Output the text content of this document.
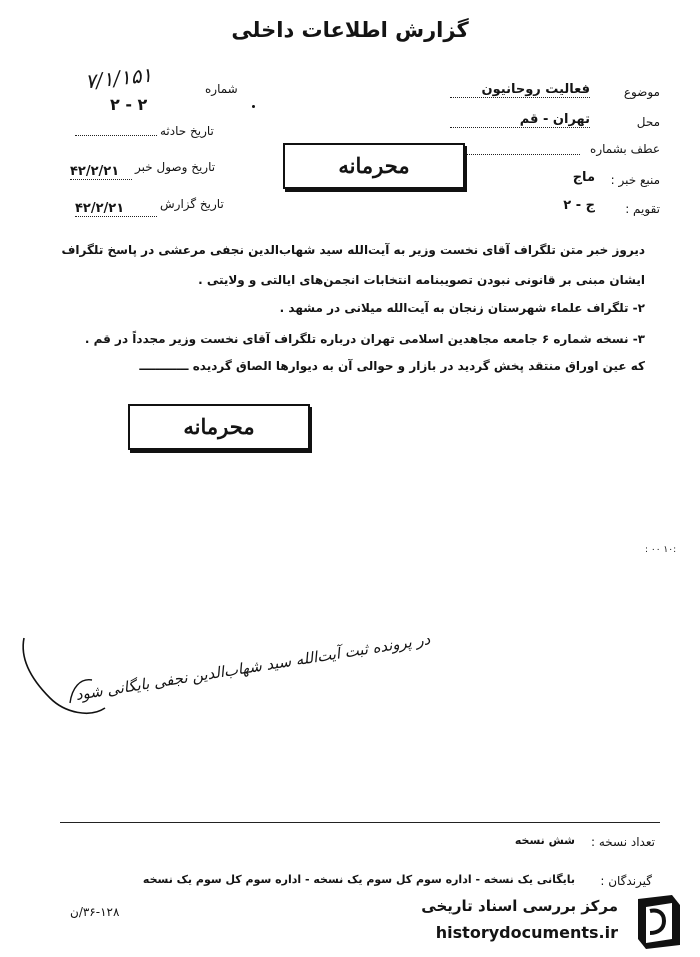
گزارش اطلاعات داخلی
موضوع
فعالیت روحانیون
محل
تهران - قم
عطف بشماره
منبع خبر :
ماج
تقویم :
ج - ۲
شماره
۷/۱/۱۵۱
۲ - ۲
تاریخ حادثه
تاریخ وصول خبر
۴۲/۲/۲۱
تاریخ گزارش
۴۲/۲/۲۱
محرمانه
دیروز خبر متن تلگراف آقای نخست وزیر به آیت‌الله سید شهاب‌الدین نجفی مرعشی در پاسخ تلگراف
ایشان مبنی بر قانونی نبودن تصویبنامه انتخابات انجمن‌های ایالتی و ولایتی .
۲- تلگراف علماء شهرستان زنجان به آیت‌الله میلانی در مشهد .
۳- نسخه شماره ۶ جامعه مجاهدین اسلامی تهران درباره تلگراف آقای نخست وزیر مجدداً در قم .
که عین اوراق منتقد پخش گردید در بازار و حوالی آن به دیوارها الصاق گردیده ــــــــــــ
محرمانه
: ۰۰ ۱۰:
در پرونده ثبت آیت‌الله سید شهاب‌الدین نجفی بایگانی شود
تعداد نسخه :
شش نسخه
گیرندگان :
بایگانی یک نسخه - اداره سوم کل سوم یک نسخه - اداره سوم کل سوم یک نسخه
۳۶-۱۲۸/ن	مرکز بررسی اسناد تاریخی
historydocuments.ir
